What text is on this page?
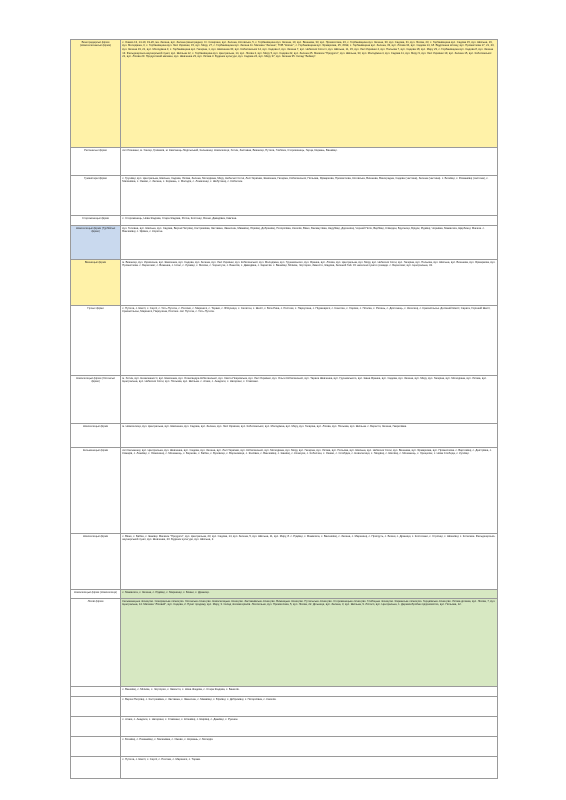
Виноградарські фірми (Новоселичанські фірми)	с. Ожево 13, 14-19, 19-20, ма. Зелена, вул. Зелена (виноградна). Ст. Сокиряни, вул. Зелена, Котовська, 5, с. Горбанівщина вул. Зелена, 10, вул. Вишнева, 33, вул. Промислова, 23, с. Горбанівщина вул. Зелена, 30, вул. Садова, 31, вул. Лісова, 23, с. Горбанівщина вул. Садова 15, вул. Шкільна, 19, вул. Молодіжна, 3, с. Горбанівщина вул. Лесі Українки, 15, вул. Миру, 27, с. Горбанівщина вул. Зелена 11. Магазин "Зелена", ТОВ "Ковчег", с. Горбанівщина вул. Ярмаркова, 25, ЗОШ, с. Горбанівщина вул. Зелена, 33, вул. Лісова 34, вул. Садова 14, 18. Відділення зв'язку, вул. Промислова 17, 21, 23, вул. Зелена 19, 21, вул. Молодіжна 3, с. Горбанівщина вул. Гагаріна, 1, вул. Шевченка 30, вул. Кобилянської 14, вул. Садова 2, вул. Зелена 7, вул. Небесної Сотні 1, вул. Шкільна, 11, 15, вул. Лесі Українки 4, вул. Польова 7, вул. Садова 18, вул. Миру 23, с. Горбанівщина вул. Садова 8, вул. Зелена 13. Фельдшерсько-акушерський пункт, вул. Шкільна 12, с. Горбанівщина вул. Центральна, 14, вул. Лісова 2, вул. Миру 5, вул. Садова 22, вул. Зелена 25. Магазин "Продукти", вул. Шкільна, 33, вул. Молодіжна 4, вул. Садова 11, вул. Миру 9, вул. Лесі Українки 19, вул. Зелена 15, вул. Кобилянської 21, вул. Лісова 20. Продуктовий магазин, вул. Шевченка 23, вул. Лісова 3. Будинок культури, вул. Садова 24, вул. Миру 37, вул. Зелена 35. Склад "Бейкер".
Регіональні фірми	смт Ришкани, м. Ушиця, Гримачів, м. Кам'янець-Подільський, Кельменці, Новоселиця, Хотин, Заставна, Вижниця, Путила, Глибока, Сторожинець, Герца, Кіцмань, Вашківці.
Гуманітарні фірми	с. Грушівці, вул. Центральна, Шкільна, Садова, Лісова, Зелена, Молодіжна, Миру, Небесної Сотні, Лесі Українки, Шевченка, Гагаріна, Кобилянської, Польова, Ярмаркова, Промислова, Котовська, Вишнева, Виноградна, Садова (частина), Зелена (частина). с. Бочківці, с. Романківці (частина), с. Малинівка, с. Ожево, с. Зелена, с. Кормань, с. Молодія, с. Ломачинці, с. Шебутинці, с. Коболчин.
Сторожинецькі фірми	с. Сторожинець, Нова Жадова, Стара Жадова, Ропча, Костинці, Ясени, Давидівка, Кам'яна.
Новоселицькі фірми (Турбійські фірми)	вул. Головна, вул. Шкільна, вул. Садова, Верхні Петрівці, Кострижівка, Заставна, Звенячин, Мамаївці, Юрківці, Добринівці, Погорілівка, Киселів, Вікно, Баламутівка, Кадубівці, Дорошівці, Чорний Потік, Вербівці, Кліводин, Брусниця, Брідок, Рідківці, Чорнівка, Мамалига, Щербинці, Магала. с. Ванчиківці, с. Ярівка, с. Коритне.
Вижницькі фірми	м. Вижниця, вул. Українська, вул. Шевченка, вул. Садова, вул. Зелена, вул. Лесі Українки, вул. Кобилянської, вул. Молодіжна, вул. Грушевського, вул. Франка, вул. Лісова, вул. Центральна, вул. Миру, вул. Небесної Сотні, вул. Гагаріна, вул. Польова, вул. Шкільна, вул. Вишнева, вул. Ярмаркова, вул. Промислова. с. Берегомет, с. Виженка, с. Іспас, с. Лукавці, с. Мигове, с. Чорногузи, с. Банилів, с. Давидівка, с. Карапчів. с. Вашківці, Мілієве, Чортория, Замостя, Жадова, Зелений Гай. Усі населені пункти громади. с. Берегомет, вул. Центральна, 43.
Гірські фірми	с. Путила, с. Шепіт, с. Сергії, с. Усть-Путила, с. Розтоки, с. Мариничі, с. Тораки, с. Яблуниця, с. Селятин, с. Шепіт, с. Біла Рика, с. Ростоки, с. Паркулина, с. Підзахаричі, с. Конятин, с. Хорови, с. Плоска, с. Рипень, с. Дихтинець, с. Киселиці, с. Красноїльськ. Долішній Шепіт, Сарата, Горішній Шепіт, Красноїльськ, Мариничі, Паркулина, Розтоки. смт Путила, с. Усть-Путила.
Новоселицькі фірми (Хотинські фірми)	м. Хотин, вул. Незалежності, вул. Шевченка, вул. Олександра Кобилянської, вул. Свято-Покровська, вул. Лесі Українки, вул. Ольги Кобилянської, вул. Тараса Шевченка, вул. Грушевського, вул. Івана Франка, вул. Садова, вул. Зелена, вул. Миру, вул. Гагаріна, вул. Молодіжна, вул. Лісова, вул. Центральна, вул. Небесної Сотні, вул. Польова, вул. Шкільна. с. Атаки, с. Анадоли, с. Нагоряни, с. Ставчани.
Новоселицькі фірми	м. Новоселиця, вул. Центральна, вул. Шевченка, вул. Садова, вул. Зелена, вул. Лесі Українки, вул. Кобилянської, вул. Молодіжна, вул. Миру, вул. Гагаріна, вул. Лісова, вул. Польова, вул. Шкільна. с. Берестя, Зелена, Гаврилівка.
Кельменецькі фірми	смт Кельменці, вул. Центральна, вул. Шевченка, вул. Садова, вул. Зелена, вул. Лесі Українки, вул. Кобилянської, вул. Молодіжна, вул. Миру, вул. Гагаріна, вул. Лісова, вул. Польова, вул. Шкільна, вул. Небесної Сотні, вул. Вишнева, вул. Ярмаркова, вул. Промислова. с. Вартиківці, с. Дністрівка, с. Комарів, с. Ленківці, с. Ломачинці, с. Мошанець, с. Бернове, с. Бабин, с. Бузовиця, с. Вороновиця, с. Жилівка, с. Ванчиківці, с. Іванівці, с. Козачуки, с. Коболчин, с. Ожево, с. Слобідка, с. Новоселиця, с. Гвіздівці, с. Шилівці, с. Мошанець, с. Хрещатик, с. Нова Слобода, с. Кутківці.
Новоселицькі фірми	с. Вікно, с. Бабин, с. Іванівці. Магазин "Продукти", вул. Центральна, 23, вул. Садова, 14, вул. Зелена, 5, вул. Шкільна, 11, вул. Миру, 8. с. Рідківці, с. Мамалига, с. Ванчиківці, с. Зелена, с. Маршинці, с. Припруть, с. Бояни, с. Драниця, с. Костичани, с. Строїнці, с. Шишківці, с. Котелеве. Фельдшерсько-акушерський пункт, вул. Шевченка, 23. Будинок культури, вул. Шкільна, 2.
Новоселицькі фірми (Новоселиця)	с. Мамалига, с. Зелена, с. Рідківці, с. Маршинці, с. Бояни, с. Драниця.
Лісові фірми	Кельменецьке лісництво. Сокирянське лісництво. Хотинське лісництво. Новоселицьке лісництво. Заставнівське лісництво. Вижницьке лісництво. Путильське лісництво. Сторожинецьке лісництво. Глибоцьке лісництво. Кіцманське лісництво. Герцаївське лісництво. Лісова ділянка, вул. Лісова, 7, вул. Центральна, 14. Магазин "Лісовий", вул. Садова, 2. Пункт продажу, вул. Миру, 3. Склад лісоматеріалів. Лісопильня, вул. Промислова, 5, вул. Лісова, 22. Дільниця, вул. Зелена, 3, вул. Шкільна, 9. Лісгосп, вул. Центральна, 1. Деревообробне підприємство, вул. Польова, 12.
	с. Вашківці, с. Мілієве, с. Чортория, с. Замостя, с. Нова Жадова, с. Стара Жадова, с. Банилів.
	с. Верхні Петрівці, с. Кострижівка, с. Заставна, с. Звенячин, с. Мамаївці, с. Юрківці, с. Добринівці, с. Погорілівка, с. Киселів.
	с. Атаки, с. Анадоли, с. Нагоряни, с. Ставчани, с. Клішківці, с. Ширівці, с. Данківці, с. Рукшин.
	с. Бочківці, с. Романківці, с. Малинівка, с. Ожево, с. Кормань, с. Молодія.
	с. Путила, с. Шепіт, с. Сергії, с. Розтоки, с. Мариничі, с. Тораки.
